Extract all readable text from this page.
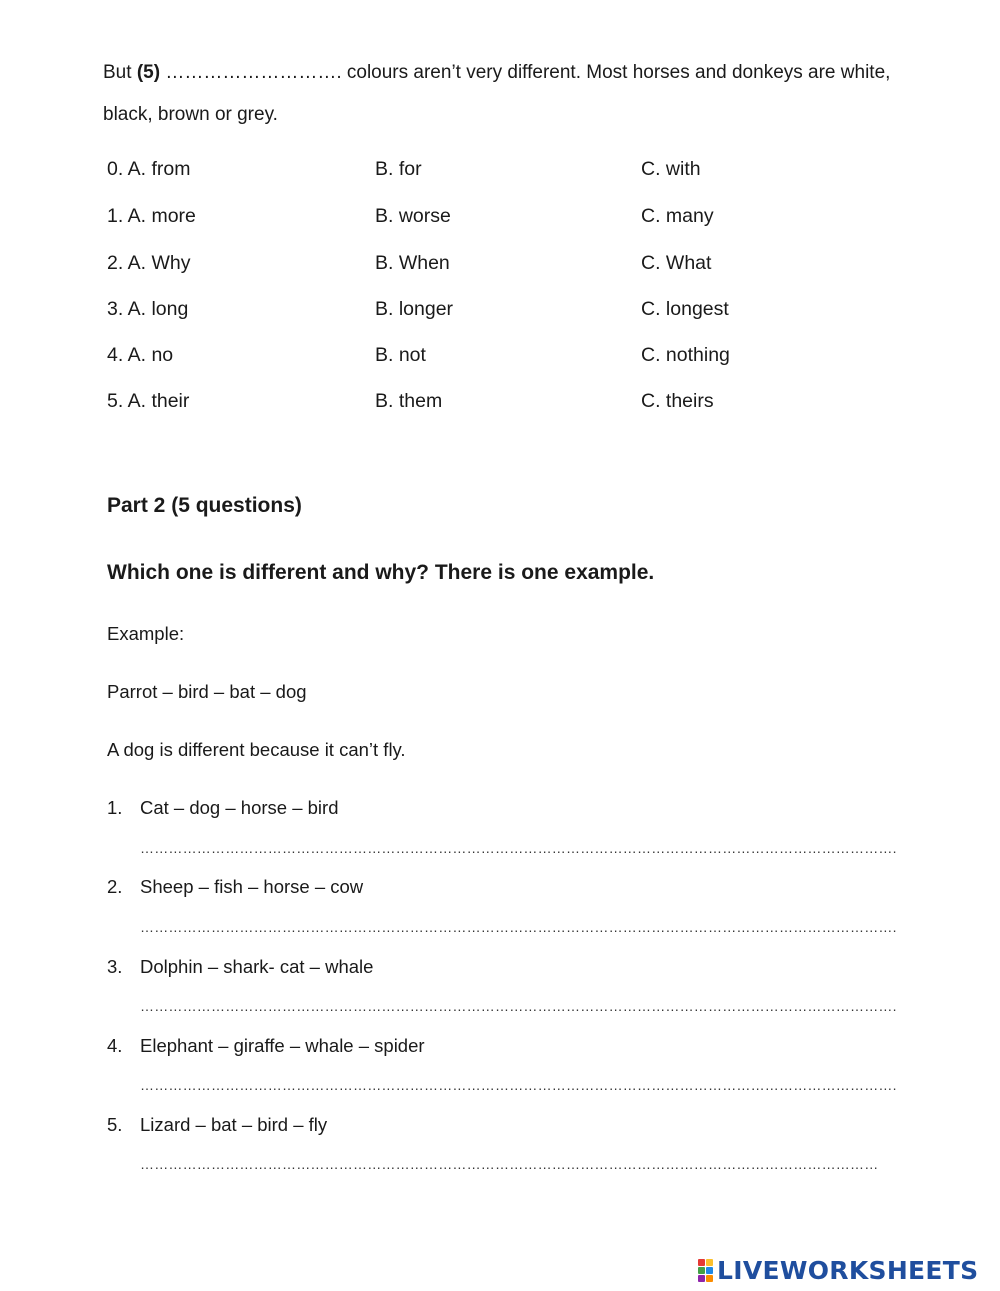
But (5) ………………………. colours aren’t very different. Most horses and donkeys are white,
black, brown or grey.
0. A. from	B. for	C. with
1. A. more	B. worse	C. many
2. A. Why	B. When	C. What
3. A. long	B. longer	C. longest
4. A. no	B. not	C. nothing
5. A. their	B. them	C. theirs
Part 2 (5 questions)
Which one is different and why? There is one example.
Example:
Parrot – bird – bat – dog
A dog is different because it can’t fly.
1. Cat – dog – horse – bird
…………………………………………………………………………………………………………………………………………….
2. Sheep – fish – horse – cow
…………………………………………………………………………………………………………………………………………….
3. Dolphin – shark- cat – whale
…………………………………………………………………………………………………………………………………………….
4. Elephant – giraffe – whale – spider
…………………………………………………………………………………………………………………………………………….
5. Lizard – bat – bird – fly
…………………………………………………………………………………………………………………………………………
LIVEWORKSHEETS
